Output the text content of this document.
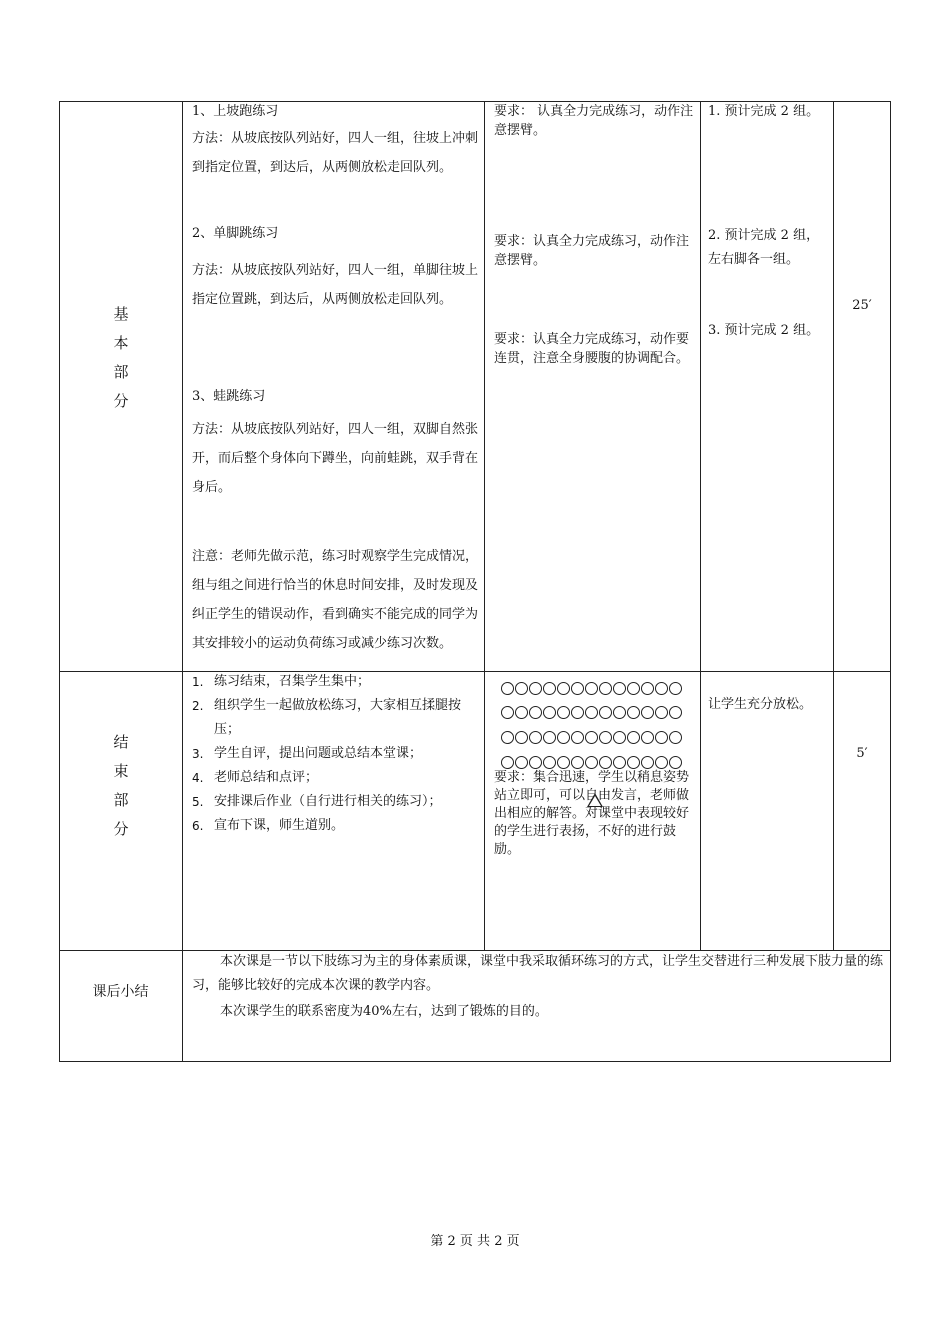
基
本
部
分
1、上坡跑练习
方法：从坡底按队列站好，四人一组，往坡上冲刺到指定位置，到达后，从两侧放松走回队列。
2、单脚跳练习
方法：从坡底按队列站好，四人一组，单脚往坡上指定位置跳，到达后，从两侧放松走回队列。
3、蛙跳练习
方法：从坡底按队列站好，四人一组，双脚自然张开，而后整个身体向下蹲坐，向前蛙跳，双手背在身后。
注意：老师先做示范，练习时观察学生完成情况，组与组之间进行恰当的休息时间安排，及时发现及纠正学生的错误动作，看到确实不能完成的同学为其安排较小的运动负荷练习或减少练习次数。
要求： 认真全力完成练习，动作注意摆臂。
要求：认真全力完成练习，动作注意摆臂。
要求：认真全力完成练习，动作要连贯，注意全身腰腹的协调配合。
1. 预计完成 2 组。
2. 预计完成 2 组，左右脚各一组。
3. 预计完成 2 组。
25′
结
束
部
分
1. 练习结束，召集学生集中；
2. 组织学生一起做放松练习，大家相互揉腿按压；
3. 学生自评，提出问题或总结本堂课；
4. 老师总结和点评；
5. 安排课后作业（自行进行相关的练习）；
6. 宣布下课，师生道别。
要求：集合迅速，学生以稍息姿势站立即可，可以自由发言，老师做出相应的解答。对课堂中表现较好的学生进行表扬，不好的进行鼓励。
让学生充分放松。
5′
课后小结

本次课是一节以下肢练习为主的身体素质课，课堂中我采取循环练习的方式，让学生交替进行三种发展下肢力量的练习，能够比较好的完成本次课的教学内容。

本次课学生的联系密度为40%左右，达到了锻炼的目的。

第 2 页 共 2 页
